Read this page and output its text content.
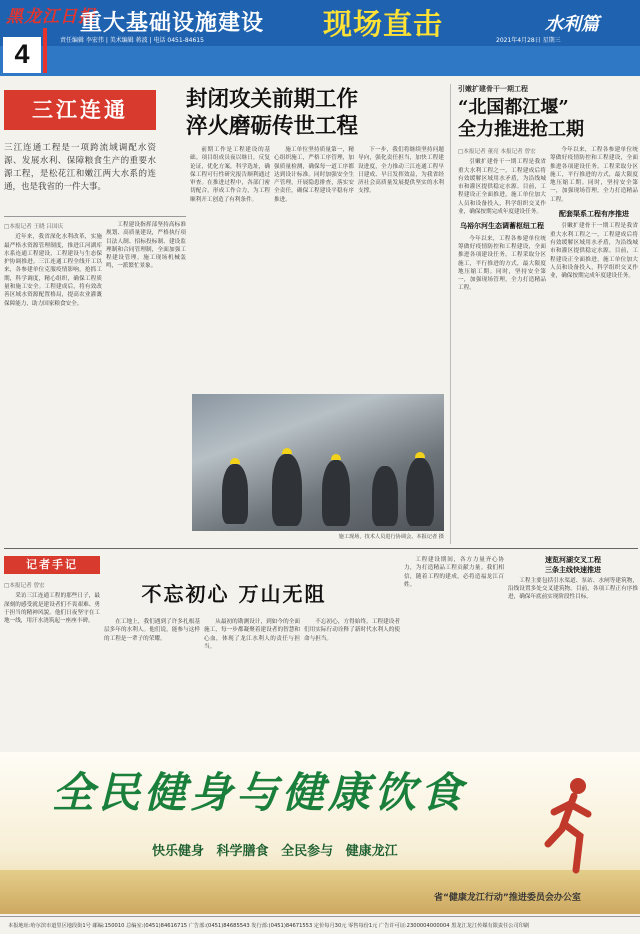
黑龙江日报
4
重大基础设施建设 现场直击	水利篇
责任编辑 李宏伟 | 美术编辑 蒋波 | 电话 0451-84615	2021年4月28日 星期三
三江连通
三江连通工程是一项跨流域调配水资源、发展水利、保障粮食生产的重要水源工程，是松花江和嫩江两大水系的连通，也是我省的一件大事。
封闭攻关前期工作
淬火磨砺传世工程
□本报记者 王晓 吕国庆

近年来，我省深化水利改革，实施最严格水资源管理制度，推进江河湖库水系连通工程建设，工程建设与生态保护协调推进。三江连通工程全线开工以来，各参建单位克服疫情影响，抢抓工期，科学调度，精心组织，确保工程质量和施工安全。工程建成后，将有效改善区域水资源配置格局，提高农业灌溉保障能力，助力国家粮食安全。

工程建设指挥部坚持高标准规划、高质量建设，严格执行项目法人制、招标投标制、建设监理制和合同管理制，全面加强工程建设管理。施工现场机械轰鸣，一派繁忙景象。

前期工作是工程建设的基础。项目组成员夜以继日，反复论证，优化方案，科学选址，确保工程可行性研究报告顺利通过审查。在推进过程中，各部门密切配合，形成工作合力，为工程顺利开工创造了有利条件。

施工单位坚持质量第一，精心组织施工，严格工序管理，加强质量检测，确保每一道工序都达到设计标准。同时加强安全生产管理，开展隐患排查，落实安全责任，确保工程建设平稳有序推进。

下一步，我们将继续坚持问题导向，强化责任担当，加快工程建设进度，全力推动三江连通工程早日建成、早日发挥效益，为我省经济社会高质量发展提供坚实的水利支撑。

施工现场，技术人员进行协调会。本报记者 摄
引嫩扩建骨干一期工程
“北国都江堰”
全力推进抢工期
□本报记者 董亮 本报记者 曾宏

引嫩扩建骨干一期工程是我省重大水利工程之一，工程建成后将有效缓解区域用水矛盾，为沿线城市和灌区提供稳定水源。目前，工程建设正全面推进，施工单位加大人员和设备投入，科学组织交叉作业，确保按期完成年度建设任务。

乌裕尔河生态调蓄枢纽工程

今年以来，工程各参建单位统筹做好疫情防控和工程建设，全面推进各项建设任务。工程采取分区施工，平行推进的方式，最大限度地压缩工期。同时，坚持安全第一，加强现场管理，全力打造精品工程。

今年以来，工程各参建单位统筹做好疫情防控和工程建设，全面推进各项建设任务。工程采取分区施工，平行推进的方式，最大限度地压缩工期。同时，坚持安全第一，加强现场管理，全力打造精品工程。

配套渠系工程有序推进

引嫩扩建骨干一期工程是我省重大水利工程之一，工程建成后将有效缓解区域用水矛盾，为沿线城市和灌区提供稳定水源。目前，工程建设正全面推进，施工单位加大人员和设备投入，科学组织交叉作业，确保按期完成年度建设任务。

记者手记
□本报记者 曾宏

采访三江连通工程的那些日子，最深刻的感受就是建设者们不畏艰难、勇于担当的精神风貌。他们日夜坚守在工地一线，用汗水浇筑起一座座丰碑。

不忘初心 万山无阻

在工地上，我们遇到了许多扎根基层多年的水利人。他们说，能参与这样的工程是一辈子的荣耀。

从最初的勘测设计，到如今的全面施工，每一步都凝聚着建设者的智慧和心血，体现了龙江水利人的责任与担当。

不忘初心，方得始终。工程建设者们用实际行动诠释了新时代水利人的使命与担当。

工程建设期间，各方力量齐心协力，为打造精品工程贡献力量。我们相信，随着工程的建成，必将造福龙江百姓。

速览河湖交叉工程
三条主线快速推进

工程主要包括引水渠道、泵站、水闸等建筑物，沿线设置多处交叉建筑物。目前，各项工程正有序推进，确保年底前实现阶段性目标。

全民健身与健康饮食
快乐健身 科学膳食 全民参与 健康龙江
省“健康龙江行动”推进委员会办公室
本报地址:哈尔滨市道里区地段街1号 邮编:150010 总编室:(0451)84616715 广告部:(0451)84685543 发行部:(0451)84671553 定价每月30元 零售每份1元 广告许可证:2300004000004 黑龙江龙江传媒有限责任公司印刷
